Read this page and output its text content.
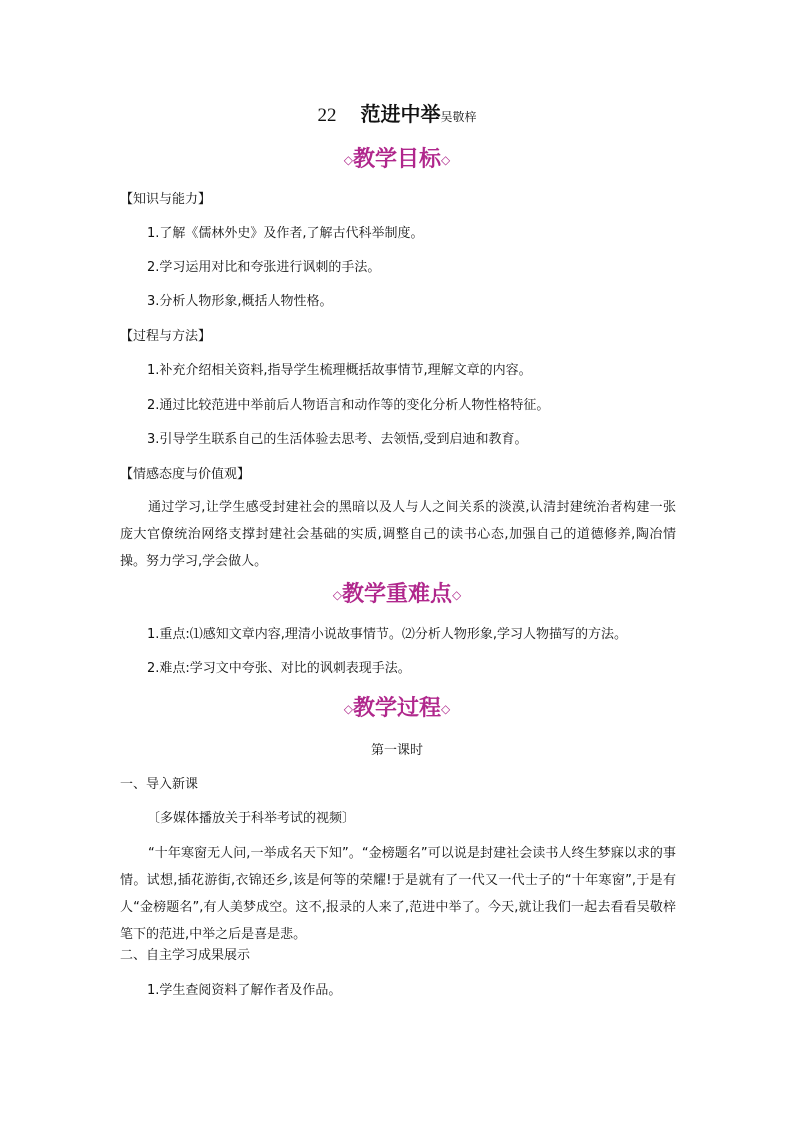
22 范进中举吴敬梓
◇教学目标◇
【知识与能力】
1.了解《儒林外史》及作者,了解古代科举制度。
2.学习运用对比和夸张进行讽刺的手法。
3.分析人物形象,概括人物性格。
【过程与方法】
1.补充介绍相关资料,指导学生梳理概括故事情节,理解文章的内容。
2.通过比较范进中举前后人物语言和动作等的变化分析人物性格特征。
3.引导学生联系自己的生活体验去思考、去领悟,受到启迪和教育。
【情感态度与价值观】
通过学习,让学生感受封建社会的黑暗以及人与人之间关系的淡漠,认清封建统治者构建一张庞大官僚统治网络支撑封建社会基础的实质,调整自己的读书心态,加强自己的道德修养,陶冶情操。努力学习,学会做人。
◇教学重难点◇
1.重点:⑴感知文章内容,理清小说故事情节。⑵分析人物形象,学习人物描写的方法。
2.难点:学习文中夸张、对比的讽刺表现手法。
◇教学过程◇
第一课时
一、导入新课
〔多媒体播放关于科举考试的视频〕
“十年寒窗无人问,一举成名天下知”。“金榜题名”可以说是封建社会读书人终生梦寐以求的事情。试想,插花游街,衣锦还乡,该是何等的荣耀!于是就有了一代又一代士子的“十年寒窗”,于是有人“金榜题名”,有人美梦成空。这不,报录的人来了,范进中举了。今天,就让我们一起去看看吴敬梓笔下的范进,中举之后是喜是悲。
二、自主学习成果展示
1.学生查阅资料了解作者及作品。
